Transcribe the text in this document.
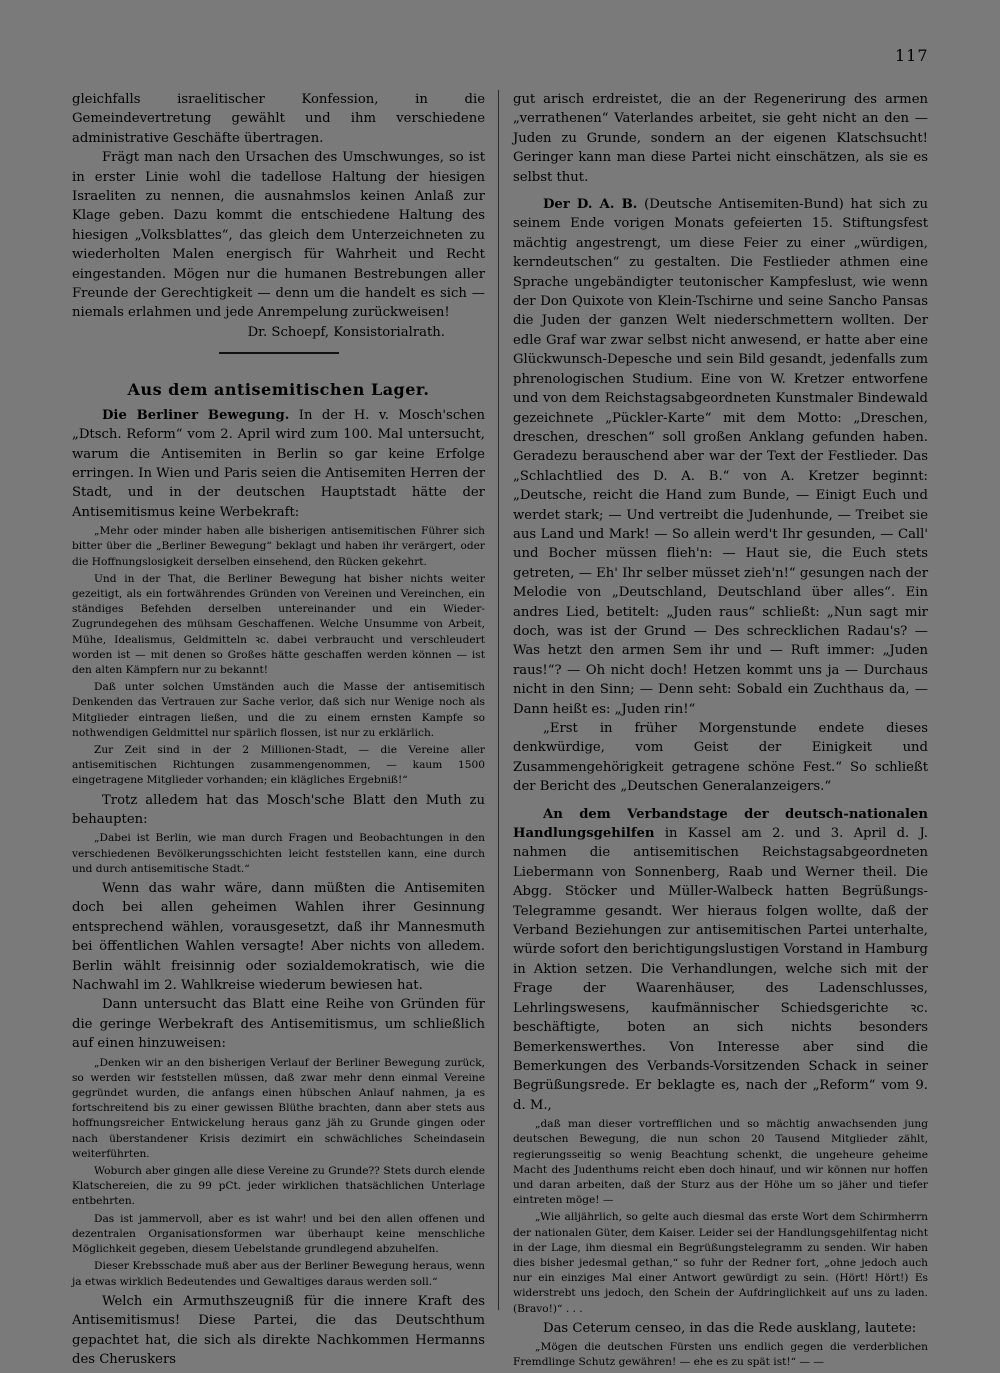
117

gleichfalls israelitischer Konfession, in die Gemeindevertretung gewählt und ihm verschiedene administrative Geschäfte übertragen.

Frägt man nach den Ursachen des Umschwunges, so ist in erster Linie wohl die tadellose Haltung der hiesigen Israeliten zu nennen, die ausnahmslos keinen Anlaß zur Klage geben. Dazu kommt die entschiedene Haltung des hiesigen „Volksblattes“, das gleich dem Unterzeichneten zu wiederholten Malen energisch für Wahrheit und Recht eingestanden. Mögen nur die humanen Bestrebungen aller Freunde der Gerechtigkeit — denn um die handelt es sich — niemals erlahmen und jede Anrempelung zurückweisen!

Dr. Schoepf, Konsistorialrath.

Aus dem antisemitischen Lager.

Die Berliner Bewegung. In der H. v. Mosch'schen „Dtsch. Reform“ vom 2. April wird zum 100. Mal untersucht, warum die Antisemiten in Berlin so gar keine Erfolge erringen. In Wien und Paris seien die Antisemiten Herren der Stadt, und in der deutschen Hauptstadt hätte der Antisemitismus keine Werbekraft:

„Mehr oder minder haben alle bisherigen antisemitischen Führer sich bitter über die „Berliner Bewegung“ beklagt und haben ihr verärgert, oder die Hoffnungslosigkeit derselben einsehend, den Rücken gekehrt.

Und in der That, die Berliner Bewegung hat bisher nichts weiter gezeitigt, als ein fortwährendes Gründen von Vereinen und Vereinchen, ein ständiges Befehden derselben untereinander und ein Wieder-Zugrundegehen des mühsam Geschaffenen. Welche Unsumme von Arbeit, Mühe, Idealismus, Geldmitteln ꝛc. dabei verbraucht und verschleudert worden ist — mit denen so Großes hätte geschaffen werden können — ist den alten Kämpfern nur zu bekannt!

Daß unter solchen Umständen auch die Masse der antisemitisch Denkenden das Vertrauen zur Sache verlor, daß sich nur Wenige noch als Mitglieder eintragen ließen, und die zu einem ernsten Kampfe so nothwendigen Geldmittel nur spärlich flossen, ist nur zu erklärlich.

Zur Zeit sind in der 2 Millionen-Stadt, — die Vereine aller antisemitischen Richtungen zusammengenommen, — kaum 1500 eingetragene Mitglieder vorhanden; ein klägliches Ergebniß!“

Trotz alledem hat das Mosch'sche Blatt den Muth zu behaupten:

„Dabei ist Berlin, wie man durch Fragen und Beobachtungen in den verschiedenen Bevölkerungsschichten leicht feststellen kann, eine durch und durch antisemitische Stadt.“

Wenn das wahr wäre, dann müßten die Antisemiten doch bei allen geheimen Wahlen ihrer Gesinnung entsprechend wählen, vorausgesetzt, daß ihr Mannesmuth bei öffentlichen Wahlen versagte! Aber nichts von alledem. Berlin wählt freisinnig oder sozialdemokratisch, wie die Nachwahl im 2. Wahlkreise wiederum bewiesen hat.

Dann untersucht das Blatt eine Reihe von Gründen für die geringe Werbekraft des Antisemitismus, um schließlich auf einen hinzuweisen:

„Denken wir an den bisherigen Verlauf der Berliner Bewegung zurück, so werden wir feststellen müssen, daß zwar mehr denn einmal Vereine gegründet wurden, die anfangs einen hübschen Anlauf nahmen, ja es fortschreitend bis zu einer gewissen Blüthe brachten, dann aber stets aus hoffnungsreicher Entwickelung heraus ganz jäh zu Grunde gingen oder nach überstandener Krisis dezimirt ein schwächliches Scheindasein weiterführten.

Woburch aber gingen alle diese Vereine zu Grunde?? Stets durch elende Klatschereien, die zu 99 pCt. jeder wirklichen thatsächlichen Unterlage entbehrten.

Das ist jammervoll, aber es ist wahr! und bei den allen offenen und dezentralen Organisationsformen war überhaupt keine menschliche Möglichkeit gegeben, diesem Uebelstande grundlegend abzuhelfen.

Dieser Krebsschade muß aber aus der Berliner Bewegung heraus, wenn ja etwas wirklich Bedeutendes und Gewaltiges daraus werden soll.“

Welch ein Armuthszeugniß für die innere Kraft des Antisemitismus! Diese Partei, die das Deutschthum gepachtet hat, die sich als direkte Nachkommen Hermanns des Cheruskers

gut arisch erdreistet, die an der Regenerirung des armen „verrathenen“ Vaterlandes arbeitet, sie geht nicht an den — Juden zu Grunde, sondern an der eigenen Klatschsucht! Geringer kann man diese Partei nicht einschätzen, als sie es selbst thut.

Der D. A. B. (Deutsche Antisemiten-Bund) hat sich zu seinem Ende vorigen Monats gefeierten 15. Stiftungsfest mächtig angestrengt, um diese Feier zu einer „würdigen, kerndeutschen“ zu gestalten. Die Festlieder athmen eine Sprache ungebändigter teutonischer Kampfeslust, wie wenn der Don Quixote von Klein-Tschirne und seine Sancho Pansas die Juden der ganzen Welt niederschmettern wollten. Der edle Graf war zwar selbst nicht anwesend, er hatte aber eine Glückwunsch-Depesche und sein Bild gesandt, jedenfalls zum phrenologischen Studium. Eine von W. Kretzer entworfene und von dem Reichstagsabgeordneten Kunstmaler Bindewald gezeichnete „Pückler-Karte“ mit dem Motto: „Dreschen, dreschen, dreschen“ soll großen Anklang gefunden haben. Geradezu berauschend aber war der Text der Festlieder. Das „Schlachtlied des D. A. B.“ von A. Kretzer beginnt: „Deutsche, reicht die Hand zum Bunde, — Einigt Euch und werdet stark; — Und vertreibt die Judenhunde, — Treibet sie aus Land und Mark! — So allein werd't Ihr gesunden, — Call' und Bocher müssen flieh'n: — Haut sie, die Euch stets getreten, — Eh' Ihr selber müsset zieh'n!“ gesungen nach der Melodie von „Deutschland, Deutschland über alles“. Ein andres Lied, betitelt: „Juden raus“ schließt: „Nun sagt mir doch, was ist der Grund — Des schrecklichen Radau's? — Was hetzt den armen Sem ihr und — Ruft immer: „Juden raus!“? — Oh nicht doch! Hetzen kommt uns ja — Durchaus nicht in den Sinn; — Denn seht: Sobald ein Zuchthaus da, — Dann heißt es: „Juden rin!“

„Erst in früher Morgenstunde endete dieses denkwürdige, vom Geist der Einigkeit und Zusammengehörigkeit getragene schöne Fest.“ So schließt der Bericht des „Deutschen Generalanzeigers.“

An dem Verbandstage der deutsch-nationalen Handlungsgehilfen in Kassel am 2. und 3. April d. J. nahmen die antisemitischen Reichstagsabgeordneten Liebermann von Sonnenberg, Raab und Werner theil. Die Abgg. Stöcker und Müller-Walbeck hatten Begrüßungs-Telegramme gesandt. Wer hieraus folgen wollte, daß der Verband Beziehungen zur antisemitischen Partei unterhalte, würde sofort den berichtigungslustigen Vorstand in Hamburg in Aktion setzen. Die Verhandlungen, welche sich mit der Frage der Waarenhäuser, des Ladenschlusses, Lehrlingswesens, kaufmännischer Schiedsgerichte ꝛc. beschäftigte, boten an sich nichts besonders Bemerkenswerthes. Von Interesse aber sind die Bemerkungen des Verbands-Vorsitzenden Schack in seiner Begrüßungsrede. Er beklagte es, nach der „Reform“ vom 9. d. M.,

„daß man dieser vortrefflichen und so mächtig anwachsenden jung deutschen Bewegung, die nun schon 20 Tausend Mitglieder zählt, regierungsseitig so wenig Beachtung schenkt, die ungeheure geheime Macht des Judenthums reicht eben doch hinauf, und wir können nur hoffen und daran arbeiten, daß der Sturz aus der Höhe um so jäher und tiefer eintreten möge! —

„Wie alljährlich, so gelte auch diesmal das erste Wort dem Schirmherrn der nationalen Güter, dem Kaiser. Leider sei der Handlungsgehilfentag nicht in der Lage, ihm diesmal ein Begrüßungstelegramm zu senden. Wir haben dies bisher jedesmal gethan,“ so fuhr der Redner fort, „ohne jedoch auch nur ein einziges Mal einer Antwort gewürdigt zu sein. (Hört! Hört!) Es widerstrebt uns jedoch, den Schein der Aufdringlichkeit auf uns zu laden. (Bravo!)“ . . .

Das Ceterum censeo, in das die Rede ausklang, lautete:

„Mögen die deutschen Fürsten uns endlich gegen die verderblichen Fremdlinge Schutz gewähren! — ehe es zu spät ist!“ — —
